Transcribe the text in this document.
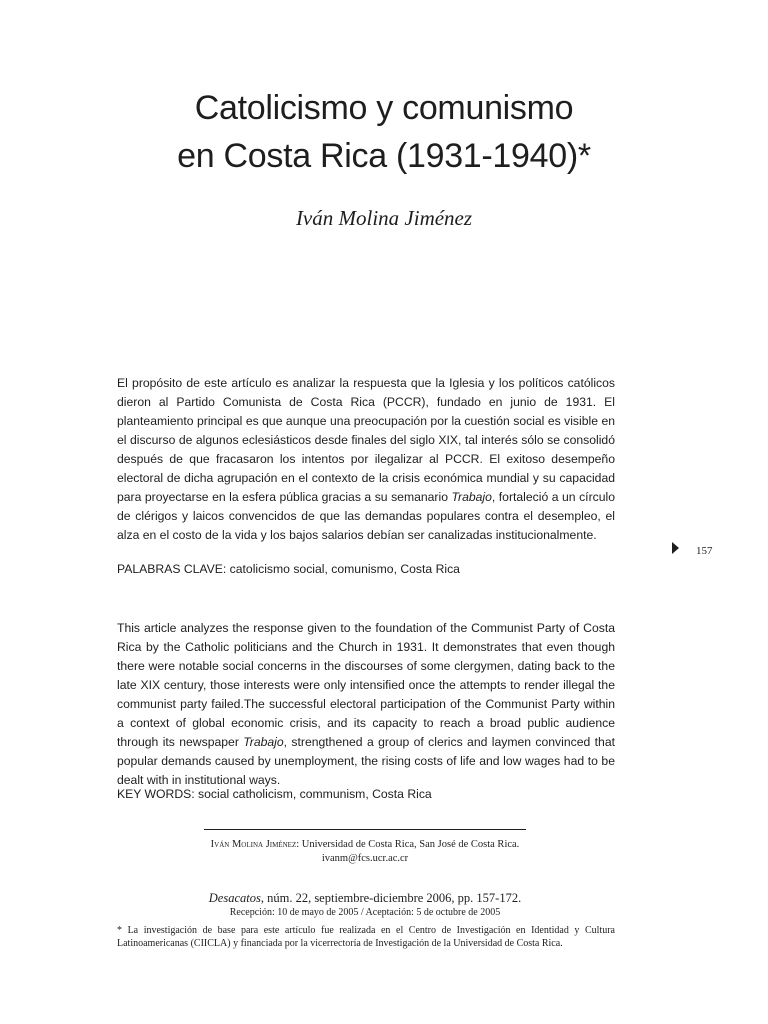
Catolicismo y comunismo
en Costa Rica (1931-1940)*
Iván Molina Jiménez

El propósito de este artículo es analizar la respuesta que la Iglesia y los políticos católicos dieron al Partido Comunista de Costa Rica (PCCR), fundado en junio de 1931. El planteamiento principal es que aunque una preocupación por la cuestión social es visible en el discurso de algunos eclesiásticos desde finales del siglo XIX, tal interés sólo se consolidó después de que fracasaron los intentos por ilegalizar al PCCR. El exitoso desempeño electoral de dicha agrupación en el contexto de la crisis económica mundial y su capacidad para proyectarse en la esfera pública gracias a su semanario Trabajo, fortaleció a un círculo de clérigos y laicos convencidos de que las demandas populares contra el desempleo, el alza en el costo de la vida y los bajos salarios debían ser canalizadas institucionalmente.

PALABRAS CLAVE: catolicismo social, comunismo, Costa Rica
157

This article analyzes the response given to the foundation of the Communist Party of Costa Rica by the Catholic politicians and the Church in 1931. It demonstrates that even though there were notable social concerns in the discourses of some clergymen, dating back to the late XIX century, those interests were only intensified once the attempts to render illegal the communist party failed.The successful electoral participation of the Communist Party within a context of global economic crisis, and its capacity to reach a broad public audience through its newspaper Trabajo, strengthened a group of clerics and laymen convinced that popular demands caused by unemployment, the rising costs of life and low wages had to be dealt with in institutional ways.

KEY WORDS: social catholicism, communism, Costa Rica
Iván Molina Jiménez: Universidad de Costa Rica, San José de Costa Rica.
ivanm@fcs.ucr.ac.cr
Desacatos, núm. 22, septiembre-diciembre 2006, pp. 157-172.
Recepción: 10 de mayo de 2005 / Aceptación: 5 de octubre de 2005
* La investigación de base para este artículo fue realizada en el Centro de Investigación en Identidad y Cultura Latinoamericanas (CIICLA) y financiada por la vicerrectoría de Investigación de la Universidad de Costa Rica.
